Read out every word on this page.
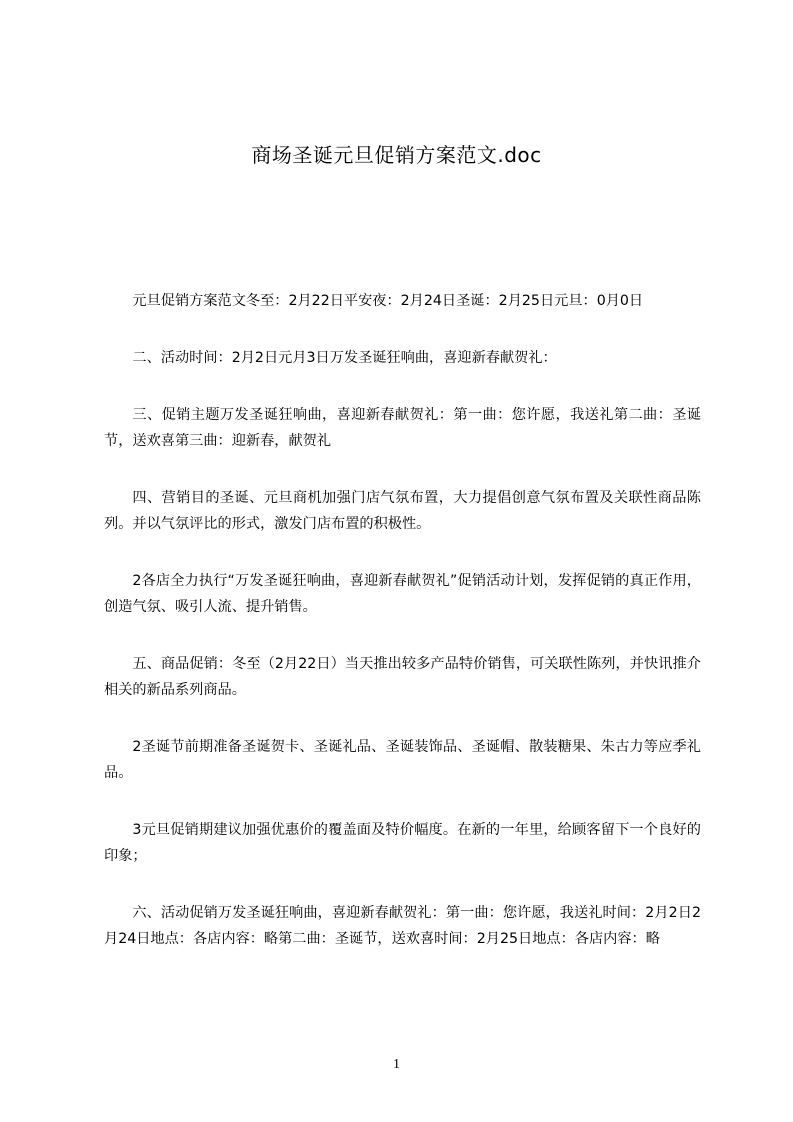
商场圣诞元旦促销方案范文.doc

元旦促销方案范文冬至：2月22日平安夜：2月24日圣诞：2月25日元旦：0月0日

二、活动时间：2月2日元月3日万发圣诞狂响曲，喜迎新春献贺礼：

三、促销主题万发圣诞狂响曲，喜迎新春献贺礼：第一曲：您许愿，我送礼第二曲：圣诞节，送欢喜第三曲：迎新春，献贺礼

四、营销目的圣诞、元旦商机加强门店气氛布置，大力提倡创意气氛布置及关联性商品陈列。并以气氛评比的形式，激发门店布置的积极性。

2各店全力执行“万发圣诞狂响曲，喜迎新春献贺礼”促销活动计划，发挥促销的真正作用，创造气氛、吸引人流、提升销售。

五、商品促销：冬至（2月22日）当天推出较多产品特价销售，可关联性陈列，并快讯推介相关的新品系列商品。

2圣诞节前期准备圣诞贺卡、圣诞礼品、圣诞装饰品、圣诞帽、散装糖果、朱古力等应季礼品。

3元旦促销期建议加强优惠价的覆盖面及特价幅度。在新的一年里，给顾客留下一个良好的印象；

六、活动促销万发圣诞狂响曲，喜迎新春献贺礼：第一曲：您许愿，我送礼时间：2月2日2月24日地点：各店内容：略第二曲：圣诞节，送欢喜时间：2月25日地点：各店内容：略

1
